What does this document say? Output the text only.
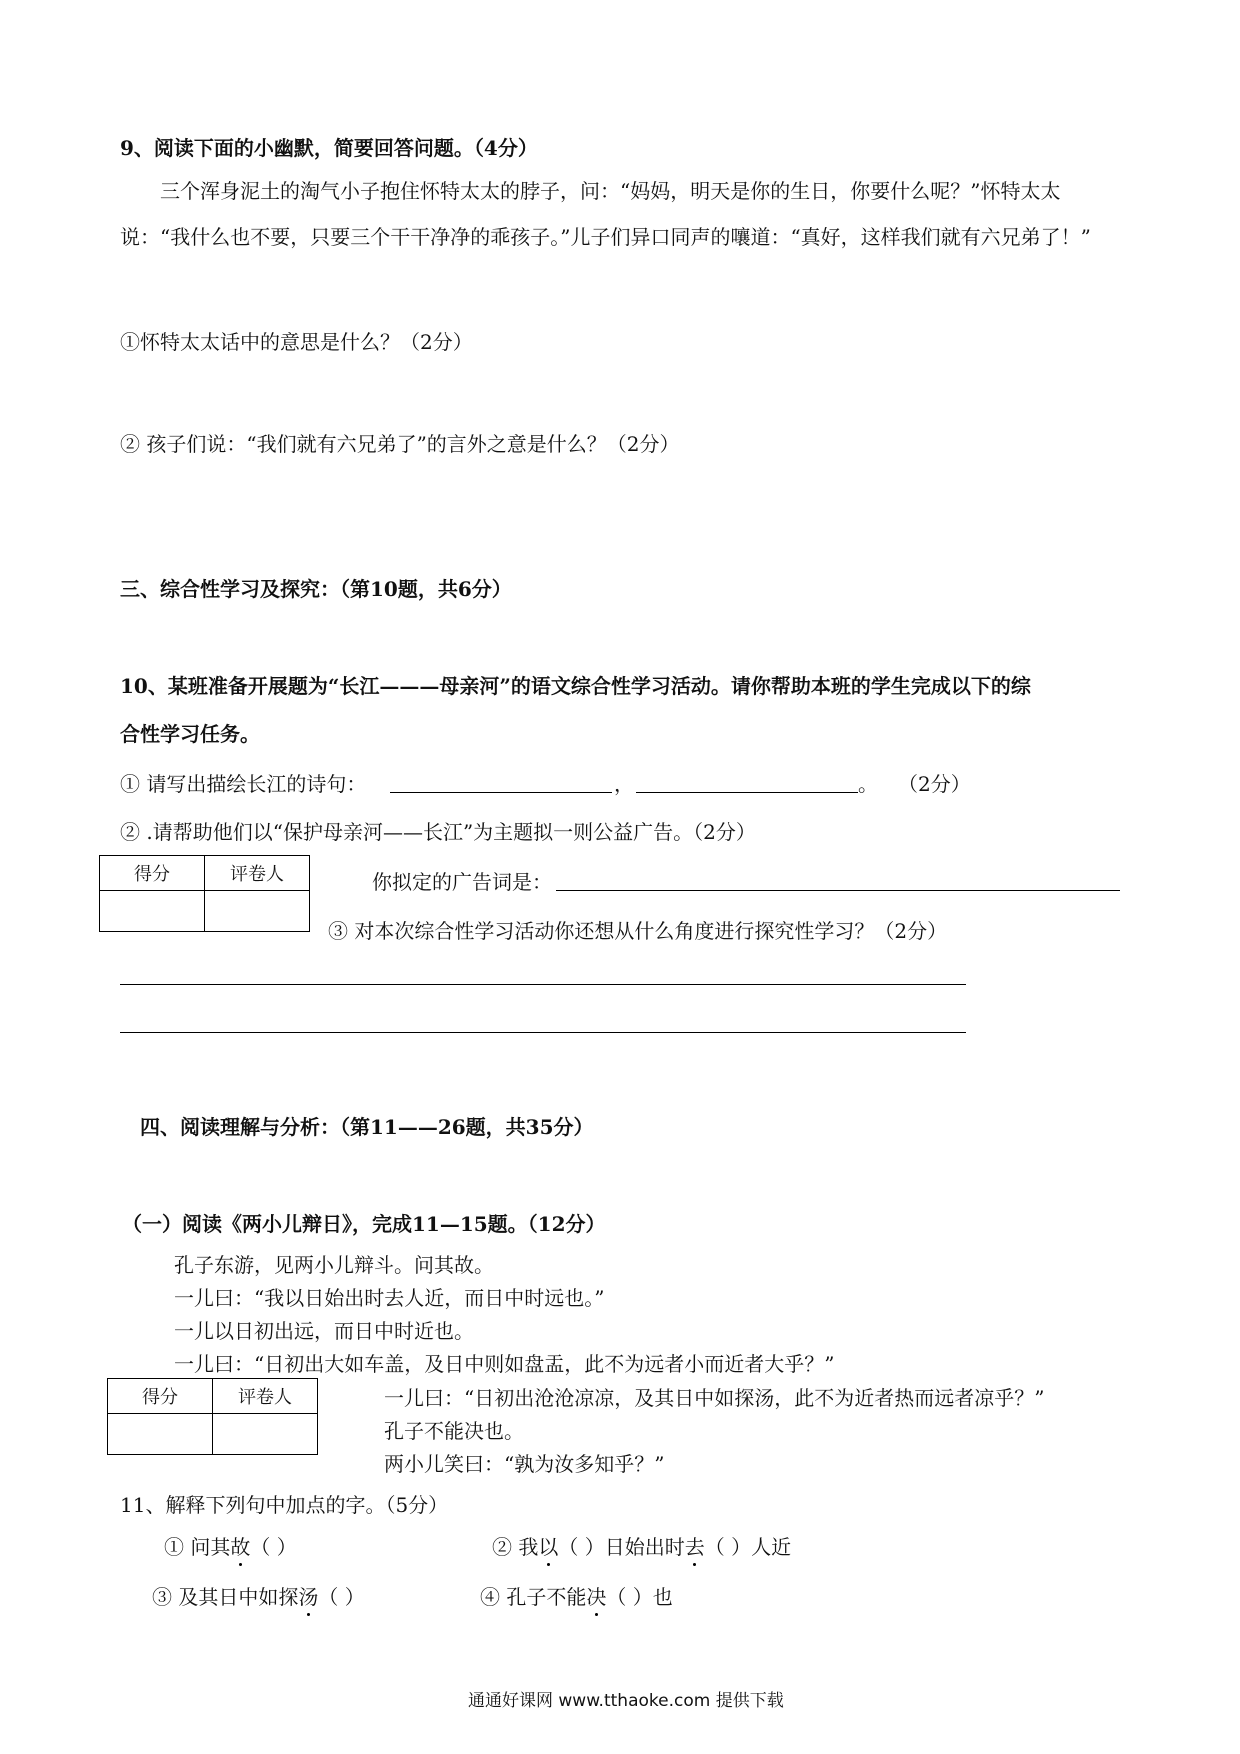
9、阅读下面的小幽默，简要回答问题。（4分）
三个浑身泥土的淘气小子抱住怀特太太的脖子，问：“妈妈，明天是你的生日，你要什么呢？”怀特太太说：“我什么也不要，只要三个干干净净的乖孩子。”儿子们异口同声的嚷道：“真好，这样我们就有六兄弟了！”
①怀特太太话中的意思是什么？（2分）
② 孩子们说：“我们就有六兄弟了”的言外之意是什么？（2分）
三、综合性学习及探究：（第10题，共6分）
10、某班准备开展题为“长江———母亲河”的语文综合性学习活动。请你帮助本班的学生完成以下的综
合性学习任务。
① 请写出描绘长江的诗句：	，	。 （2分）
② .请帮助他们以“保护母亲河——长江”为主题拟一则公益广告。（2分）
得分	评卷人
		你拟定的广告词是：
③ 对本次综合性学习活动你还想从什么角度进行探究性学习？（2分）
四、阅读理解与分析：（第11——26题，共35分）
（一）阅读《两小儿辩日》，完成11—15题。（12分）
孔子东游，见两小儿辩斗。问其故。
一儿曰：“我以日始出时去人近，而日中时远也。”
一儿以日初出远，而日中时近也。
一儿曰：“日初出大如车盖，及日中则如盘盂，此不为远者小而近者大乎？”
得分	评卷人
		一儿曰：“日初出沧沧凉凉，及其日中如探汤，此不为近者热而远者凉乎？”
孔子不能决也。
两小儿笑曰：“孰为汝多知乎？”
11、解释下列句中加点的字。（5分）
① 问其故（ ）	② 我以（ ）日始出时去（ ）人近
③ 及其日中如探汤（ ）	④ 孔子不能决（ ）也
通通好课网 www.tthaoke.com 提供下载
